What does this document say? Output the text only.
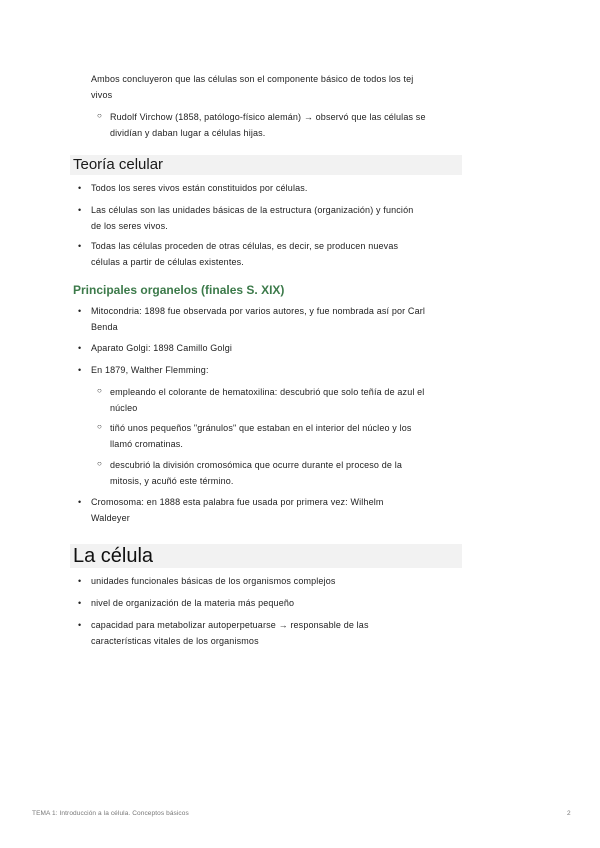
Ambos concluyeron que las células son el componente básico de todos los tej
vivos
○ Rudolf Virchow (1858, patólogo-físico alemán) → observó que las células se
dividían y daban lugar a células hijas.
Teoría celular
• Todos los seres vivos están constituidos por células.
• Las células son las unidades básicas de la estructura (organización) y función
de los seres vivos.
• Todas las células proceden de otras células, es decir, se producen nuevas
células a partir de células existentes.
Principales organelos (finales S. XIX)
• Mitocondria: 1898 fue observada por varios autores, y fue nombrada así por Carl
Benda
• Aparato Golgi: 1898 Camillo Golgi
• En 1879, Walther Flemming:
○ empleando el colorante de hematoxilina: descubrió que solo teñía de azul el
núcleo
○ tiñó unos pequeños "gránulos" que estaban en el interior del núcleo y los
llamó cromatinas.
○ descubrió la división cromosómica que ocurre durante el proceso de la
mitosis, y acuñó este término.
• Cromosoma: en 1888 esta palabra fue usada por primera vez: Wilhelm
Waldeyer
La célula
• unidades funcionales básicas de los organismos complejos
• nivel de organización de la materia más pequeño
• capacidad para metabolizar autoperpetuarse → responsable de las
características vitales de los organismos
TEMA 1: Introducción a la célula. Conceptos básicos	2
